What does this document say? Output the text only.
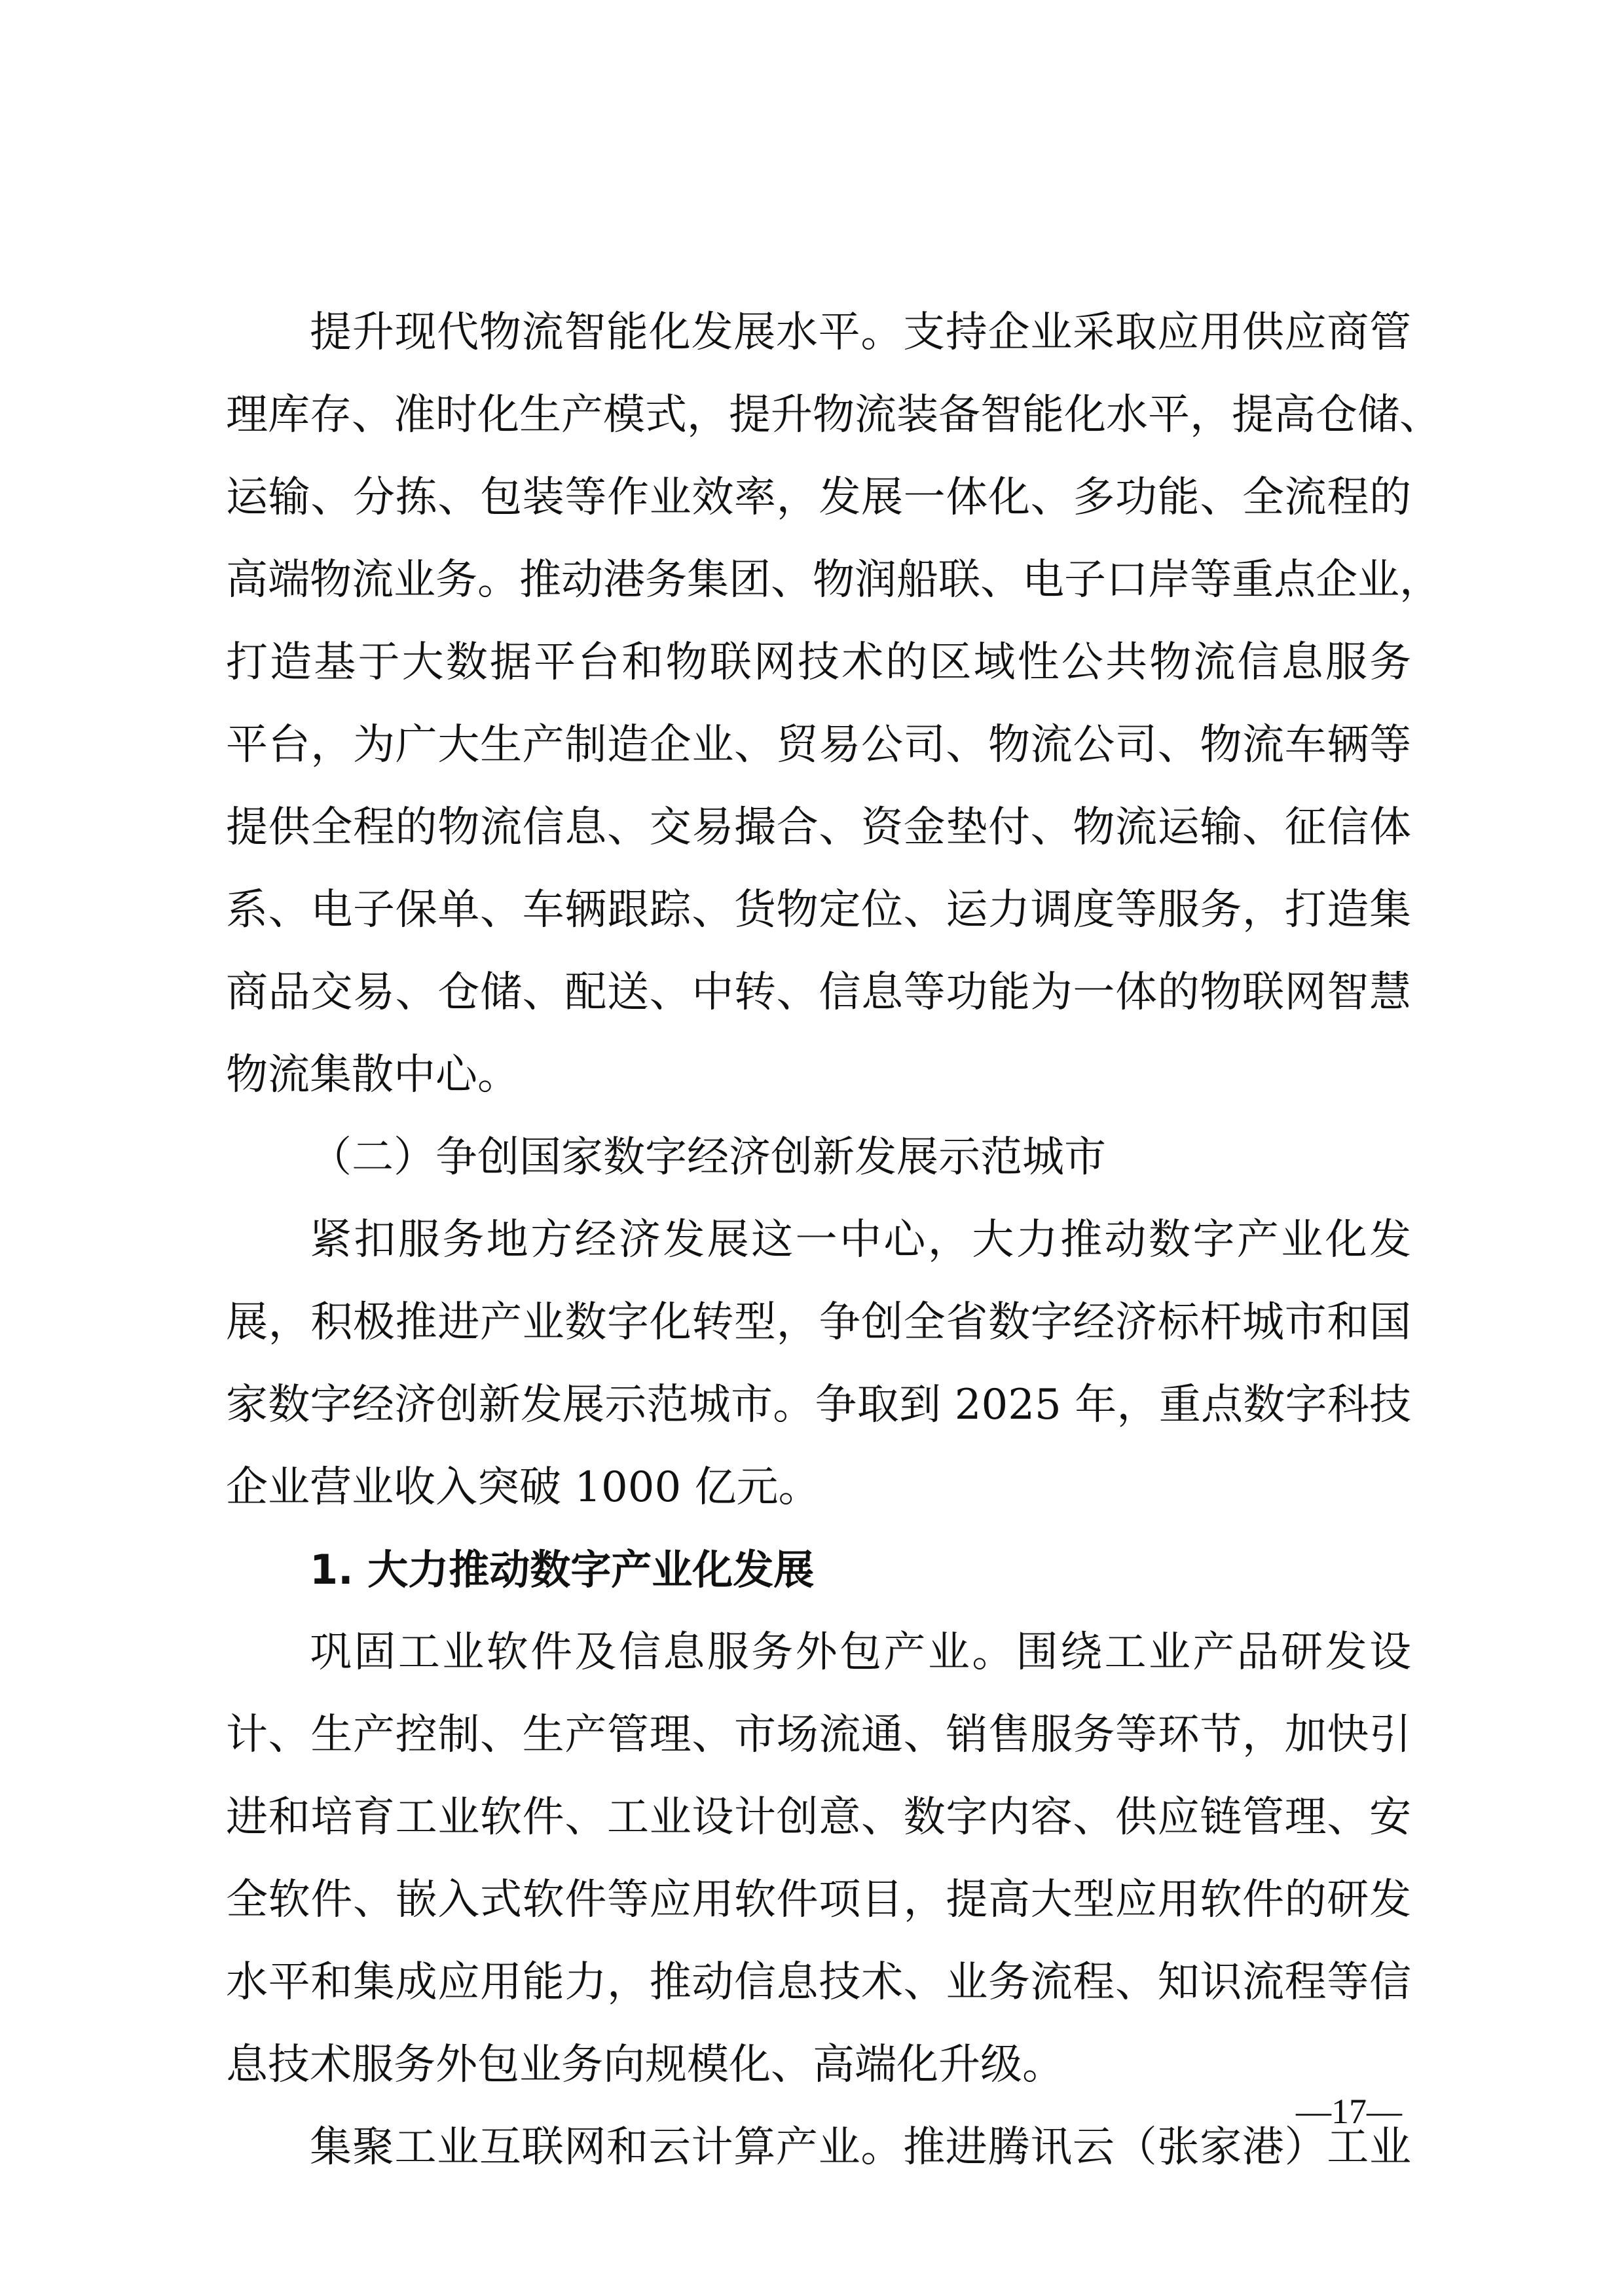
提升现代物流智能化发展水平。支持企业采取应用供应商管
理库存、准时化生产模式，提升物流装备智能化水平，提高仓储、
运输、分拣、包装等作业效率，发展一体化、多功能、全流程的
高端物流业务。推动港务集团、物润船联、电子口岸等重点企业，
打造基于大数据平台和物联网技术的区域性公共物流信息服务
平台，为广大生产制造企业、贸易公司、物流公司、物流车辆等
提供全程的物流信息、交易撮合、资金垫付、物流运输、征信体
系、电子保单、车辆跟踪、货物定位、运力调度等服务，打造集
商品交易、仓储、配送、中转、信息等功能为一体的物联网智慧
物流集散中心。
（二）争创国家数字经济创新发展示范城市
紧扣服务地方经济发展这一中心，大力推动数字产业化发
展，积极推进产业数字化转型，争创全省数字经济标杆城市和国
家数字经济创新发展示范城市。争取到 2025 年，重点数字科技
企业营业收入突破 1000 亿元。
1. 大力推动数字产业化发展
巩固工业软件及信息服务外包产业。围绕工业产品研发设
计、生产控制、生产管理、市场流通、销售服务等环节，加快引
进和培育工业软件、工业设计创意、数字内容、供应链管理、安
全软件、嵌入式软件等应用软件项目，提高大型应用软件的研发
水平和集成应用能力，推动信息技术、业务流程、知识流程等信
息技术服务外包业务向规模化、高端化升级。
集聚工业互联网和云计算产业。推进腾讯云（张家港）工业
—17—
